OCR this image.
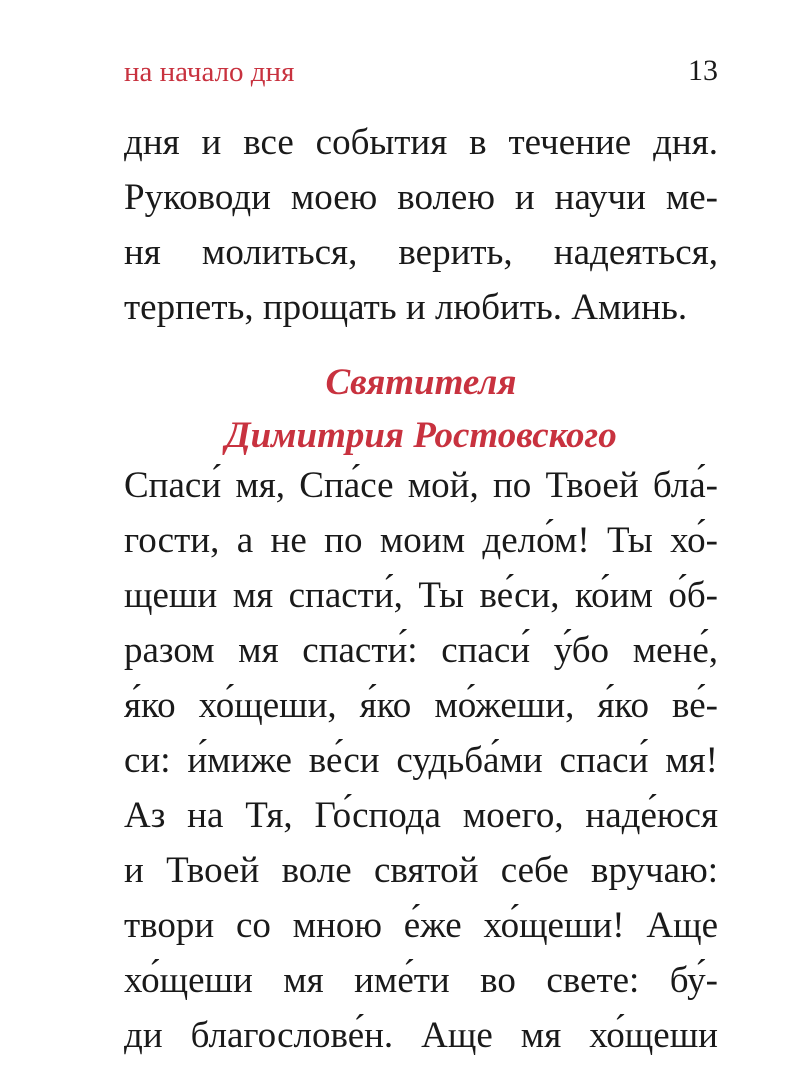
на начало дня	13
дня и все события в течение дня.
Руководи моею волею и научи ме-
ня молиться, верить, надеяться,
терпеть, прощать и любить. Аминь.
Святителя
Димитрия Ростовского
Спаси́ мя, Спа́се мой, по Твоей бла́-
гости, а не по моим дело́м! Ты хо́-
щеши мя спасти́, Ты ве́си, ко́им о́б-
разом мя спасти́: спаси́ у́бо мене́,
я́ко хо́щеши, я́ко мо́жеши, я́ко ве́-
си: и́миже ве́си судьба́ми спаси́ мя!
Аз на Тя, Го́спода моего, наде́юся
и Твоей воле святой себе вручаю:
твори со мною е́же хо́щеши! Аще
хо́щеши мя име́ти во свете: бу́-
ди благослове́н. Аще мя хо́щеши
